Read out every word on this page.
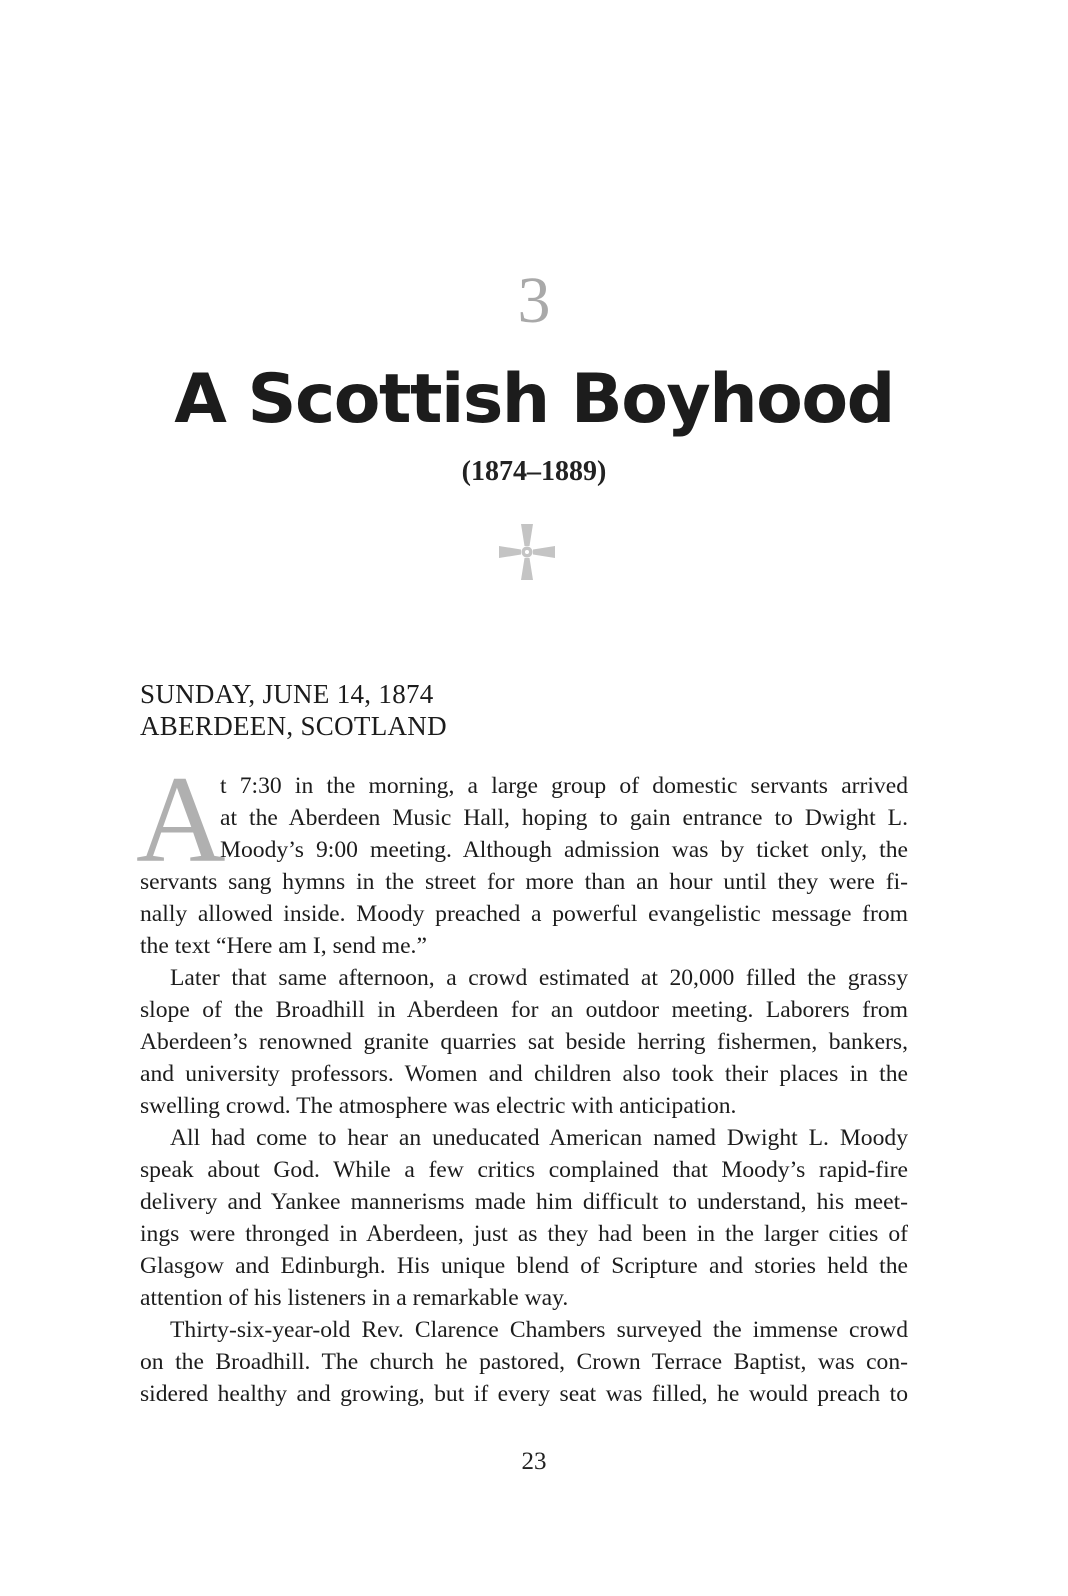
3
A Scottish Boyhood
(1874–1889)
SUNDAY, JUNE 14, 1874
ABERDEEN, SCOTLAND
A
t 7:30 in the morning, a large group of domestic servants arrived
at the Aberdeen Music Hall, hoping to gain entrance to Dwight L.
Moody’s 9:00 meeting. Although admission was by ticket only, the
servants sang hymns in the street for more than an hour until they were fi-
nally allowed inside. Moody preached a powerful evangelistic message from
the text “Here am I, send me.”
Later that same afternoon, a crowd estimated at 20,000 filled the grassy
slope of the Broadhill in Aberdeen for an outdoor meeting. Laborers from
Aberdeen’s renowned granite quarries sat beside herring fishermen, bankers,
and university professors. Women and children also took their places in the
swelling crowd. The atmosphere was electric with anticipation.
All had come to hear an uneducated American named Dwight L. Moody
speak about God. While a few critics complained that Moody’s rapid-fire
delivery and Yankee mannerisms made him difficult to understand, his meet-
ings were thronged in Aberdeen, just as they had been in the larger cities of
Glasgow and Edinburgh. His unique blend of Scripture and stories held the
attention of his listeners in a remarkable way.
Thirty-six-year-old Rev. Clarence Chambers surveyed the immense crowd
on the Broadhill. The church he pastored, Crown Terrace Baptist, was con-
sidered healthy and growing, but if every seat was filled, he would preach to
23
